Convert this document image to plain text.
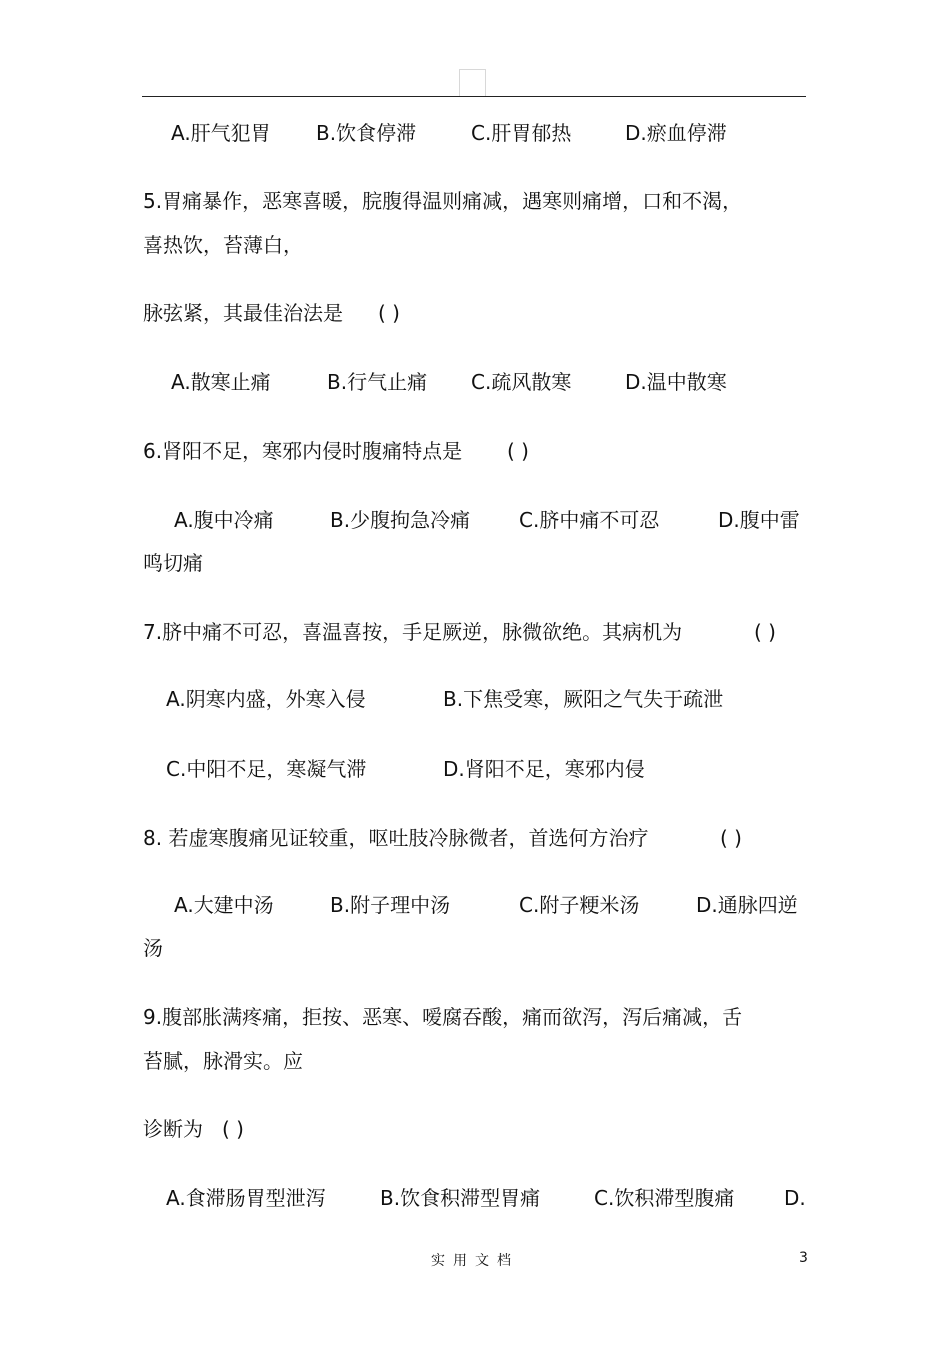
A.肝气犯胃 B.饮食停滞	C.肝胃郁热	D.瘀血停滞
5.胃痛暴作，恶寒喜暖，脘腹得温则痛减，遇寒则痛增，口和不渴，
喜热饮，苔薄白，
脉弦紧，其最佳治法是 ( )
A.散寒止痛	B.行气止痛 C.疏风散寒	D.温中散寒
6.肾阳不足，寒邪内侵时腹痛特点是 ( )
A.腹中冷痛	B.少腹拘急冷痛 C.脐中痛不可忍	D.腹中雷
鸣切痛
7.脐中痛不可忍，喜温喜按，手足厥逆，脉微欲绝。其病机为	( )
A.阴寒内盛，外寒入侵	B.下焦受寒，厥阳之气失于疏泄
C.中阳不足，寒凝气滞	D.肾阳不足，寒邪内侵
8. 若虚寒腹痛见证较重，呕吐肢冷脉微者，首选何方治疗	( )
A.大建中汤	B.附子理中汤	C.附子粳米汤	D.通脉四逆
汤
9.腹部胀满疼痛，拒按、恶寒、嗳腐吞酸，痛而欲泻，泻后痛减，舌
苔腻，脉滑实。应
诊断为 ( )
A.食滞肠胃型泄泻	B.饮食积滞型胃痛	C.饮积滞型腹痛 D.
实用文档	3
